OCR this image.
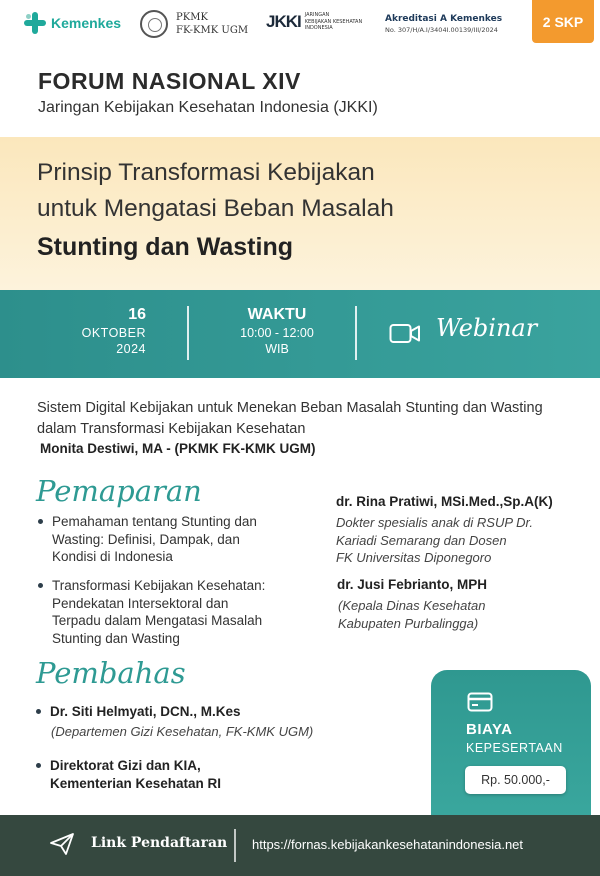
Kemenkes	PKMK
FK-KMK UGM JKKI JARINGAN
KEBIJAKAN KESEHATAN
INDONESIA
Akreditasi A Kemenkes
No. 307/H/A.I/3404I.00139/III/2024
2 SKP
FORUM NASIONAL XIV
Jaringan Kebijakan Kesehatan Indonesia (JKKI)
Prinsip Transformasi Kebijakan
untuk Mengatasi Beban Masalah
Stunting dan Wasting
16
OKTOBER
2024
WAKTU
10:00 - 12:00
WIB
Webinar
Sistem Digital Kebijakan untuk Menekan Beban Masalah Stunting dan Wasting dalam Transformasi Kebijakan Kesehatan
Monita Destiwi, MA - (PKMK FK-KMK UGM)
Pemaparan
Pemahaman tentang Stunting dan
Wasting: Definisi, Dampak, dan
Kondisi di Indonesia
dr. Rina Pratiwi, MSi.Med.,Sp.A(K)
Dokter spesialis anak di RSUP Dr.
Kariadi Semarang dan Dosen
FK Universitas Diponegoro
Transformasi Kebijakan Kesehatan:
Pendekatan Intersektoral dan
Terpadu dalam Mengatasi Masalah
Stunting dan Wasting
dr. Jusi Febrianto, MPH
(Kepala Dinas Kesehatan
Kabupaten Purbalingga)
Pembahas
Dr. Siti Helmyati, DCN., M.Kes
(Departemen Gizi Kesehatan, FK-KMK UGM)
Direktorat Gizi dan KIA,
Kementerian Kesehatan RI
BIAYA
KEPESERTAAN
Rp. 50.000,-
Link Pendaftaran https://fornas.kebijakankesehatanindonesia.net
